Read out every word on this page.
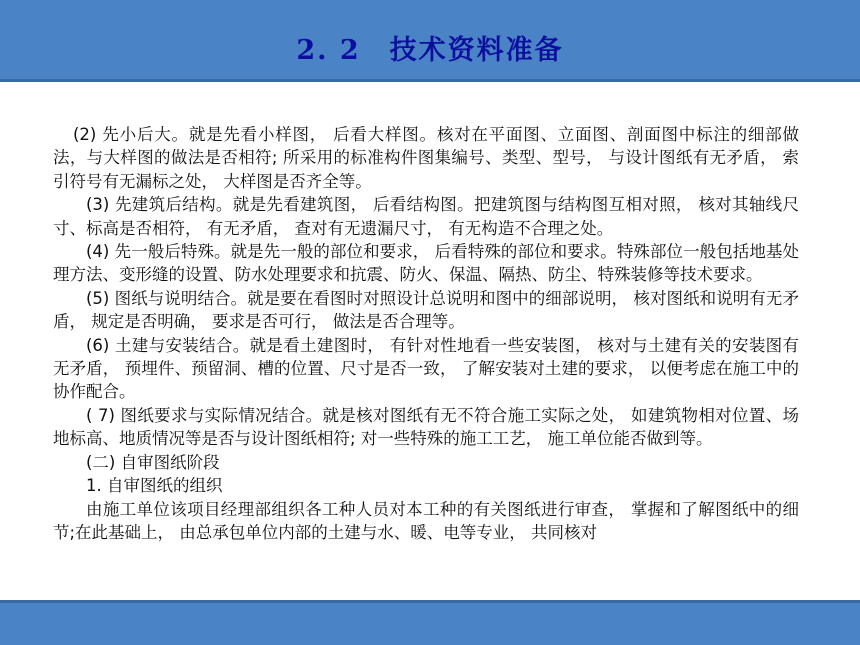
2. 2　技术资料准备

(2) 先小后大。就是先看小样图， 后看大样图。核对在平面图、立面图、剖面图中标注的细部做法，与大样图的做法是否相符; 所采用的标准构件图集编号、类型、型号， 与设计图纸有无矛盾， 索引符号有无漏标之处， 大样图是否齐全等。

(3) 先建筑后结构。就是先看建筑图， 后看结构图。把建筑图与结构图互相对照， 核对其轴线尺寸、标高是否相符， 有无矛盾， 查对有无遗漏尺寸， 有无构造不合理之处。

(4) 先一般后特殊。就是先一般的部位和要求， 后看特殊的部位和要求。特殊部位一般包括地基处理方法、变形缝的设置、防水处理要求和抗震、防火、保温、隔热、防尘、特殊装修等技术要求。

(5) 图纸与说明结合。就是要在看图时对照设计总说明和图中的细部说明， 核对图纸和说明有无矛盾， 规定是否明确， 要求是否可行， 做法是否合理等。

(6) 土建与安装结合。就是看土建图时， 有针对性地看一些安装图， 核对与土建有关的安装图有无矛盾， 预埋件、预留洞、槽的位置、尺寸是否一致， 了解安装对土建的要求， 以便考虑在施工中的协作配合。

( 7) 图纸要求与实际情况结合。就是核对图纸有无不符合施工实际之处， 如建筑物相对位置、场地标高、地质情况等是否与设计图纸相符; 对一些特殊的施工工艺， 施工单位能否做到等。

(二) 自审图纸阶段

1. 自审图纸的组织

由施工单位该项目经理部组织各工种人员对本工种的有关图纸进行审查， 掌握和了解图纸中的细节;在此基础上， 由总承包单位内部的土建与水、暖、电等专业， 共同核对
